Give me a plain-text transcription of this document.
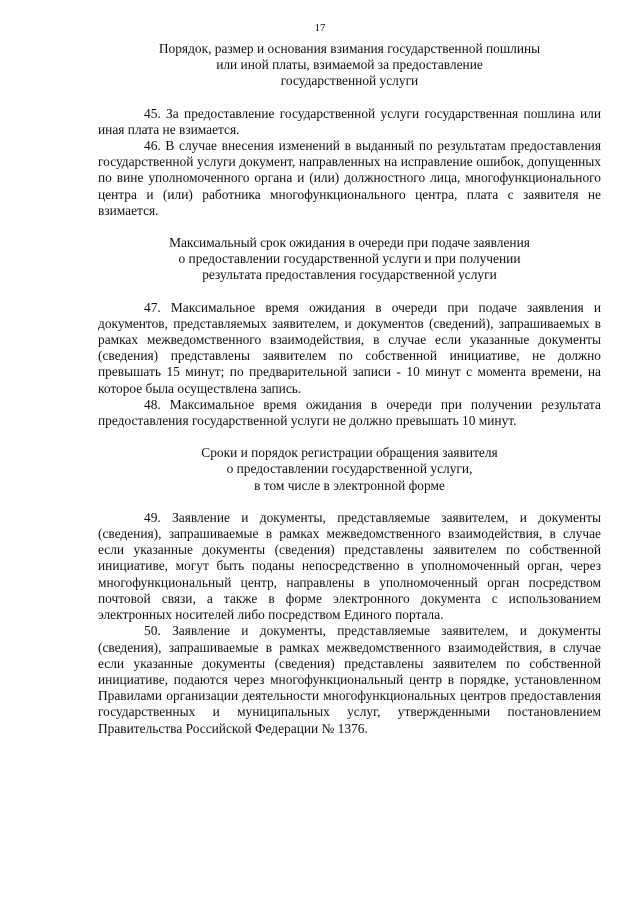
17
Порядок, размер и основания взимания государственной пошлины
или иной платы, взимаемой за предоставление
государственной услуги

45. За предоставление государственной услуги государственная пошлина или иная плата не взимается.

46. В случае внесения изменений в выданный по результатам предоставления государственной услуги документ, направленных на исправление ошибок, допущенных по вине уполномоченного органа и (или) должностного лица, многофункционального центра и (или) работника многофункционального центра, плата с заявителя не взимается.

Максимальный срок ожидания в очереди при подаче заявления
о предоставлении государственной услуги и при получении
результата предоставления государственной услуги

47. Максимальное время ожидания в очереди при подаче заявления и документов, представляемых заявителем, и документов (сведений), запрашиваемых в рамках межведомственного взаимодействия, в случае если указанные документы (сведения) представлены заявителем по собственной инициативе, не должно превышать 15 минут; по предварительной записи - 10 минут с момента времени, на которое была осуществлена запись.

48. Максимальное время ожидания в очереди при получении результата предоставления государственной услуги не должно превышать 10 минут.

Сроки и порядок регистрации обращения заявителя
о предоставлении государственной услуги,
в том числе в электронной форме

49. Заявление и документы, представляемые заявителем, и документы (сведения), запрашиваемые в рамках межведомственного взаимодействия, в случае если указанные документы (сведения) представлены заявителем по собственной инициативе, могут быть поданы непосредственно в уполномоченный орган, через многофункциональный центр, направлены в уполномоченный орган посредством почтовой связи, а также в форме электронного документа с использованием электронных носителей либо посредством Единого портала.

50. Заявление и документы, представляемые заявителем, и документы (сведения), запрашиваемые в рамках межведомственного взаимодействия, в случае если указанные документы (сведения) представлены заявителем по собственной инициативе, подаются через многофункциональный центр в порядке, установленном Правилами организации деятельности многофункциональных центров предоставления государственных и муниципальных услуг, утвержденными постановлением Правительства Российской Федерации № 1376.
